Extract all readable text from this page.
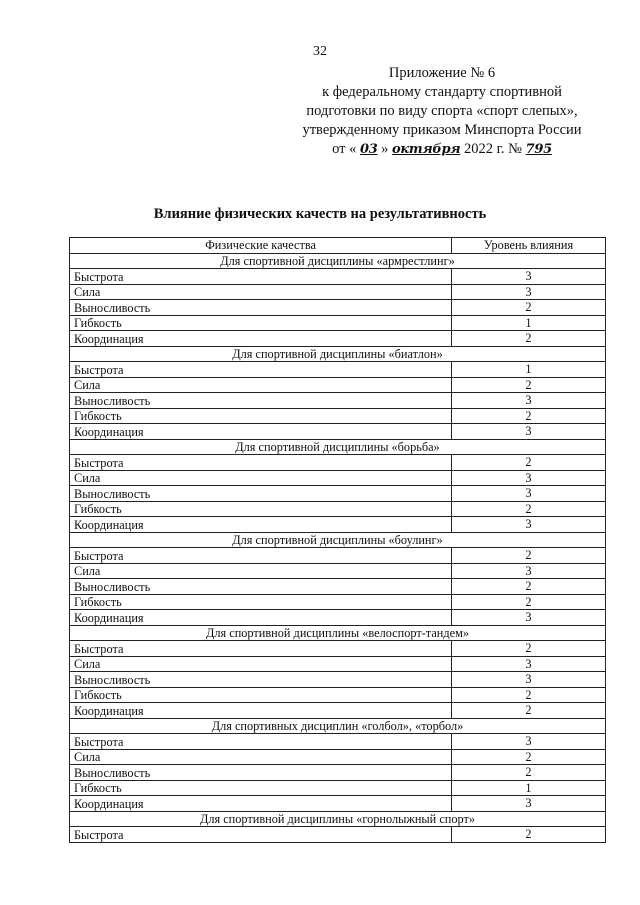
32
Приложение № 6
к федеральному стандарту спортивной
подготовки по виду спорта «спорт слепых»,
утвержденному приказом Минспорта России
от « 03 » октября 2022 г. № 795
Влияние физических качеств на результативность
Физические качества	Уровень влияния
Для спортивной дисциплины «армрестлинг»	
Быстрота	3
Сила	3
Выносливость	2
Гибкость	1
Координация	2
Для спортивной дисциплины «биатлон»	
Быстрота	1
Сила	2
Выносливость	3
Гибкость	2
Координация	3
Для спортивной дисциплины «борьба»	
Быстрота	2
Сила	3
Выносливость	3
Гибкость	2
Координация	3
Для спортивной дисциплины «боулинг»	
Быстрота	2
Сила	3
Выносливость	2
Гибкость	2
Координация	3
Для спортивной дисциплины «велоспорт-тандем»	
Быстрота	2
Сила	3
Выносливость	3
Гибкость	2
Координация	2
Для спортивных дисциплин «голбол», «торбол»	
Быстрота	3
Сила	2
Выносливость	2
Гибкость	1
Координация	3
Для спортивной дисциплины «горнолыжный спорт»	
Быстрота	2
